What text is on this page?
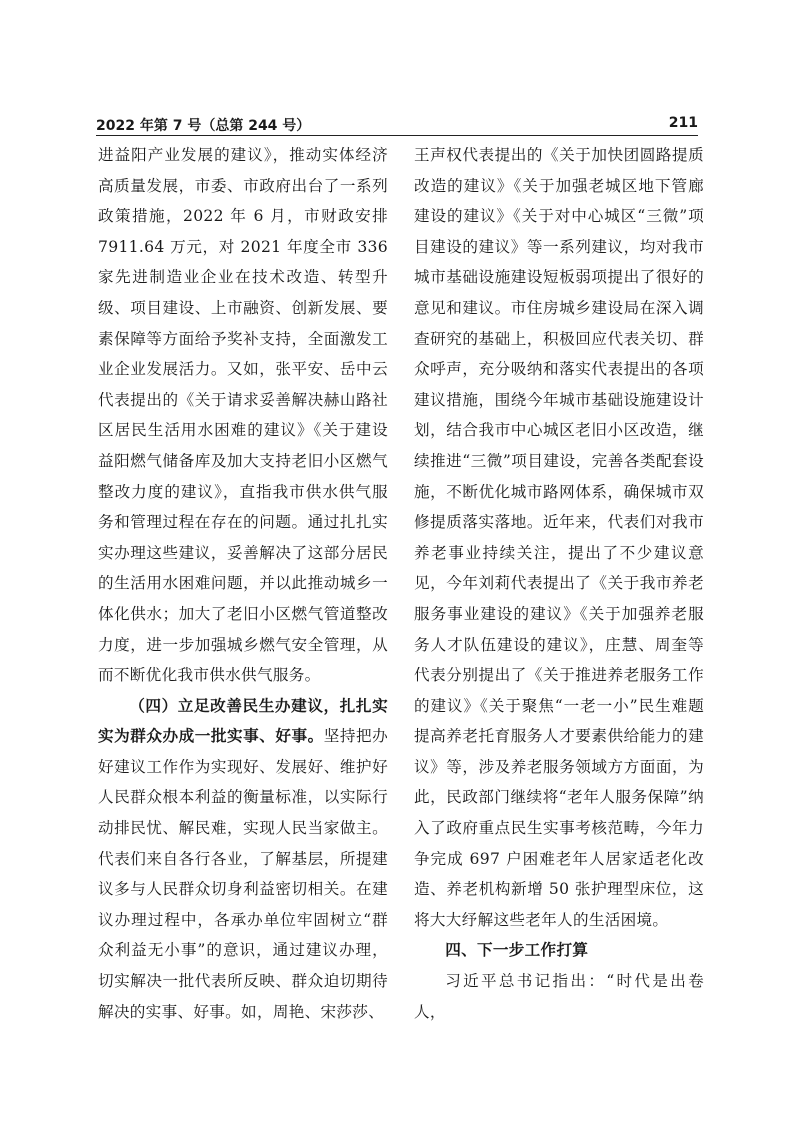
2022 年第 7 号（总第 244 号）	211

进益阳产业发展的建议》，推动实体经济高质量发展，市委、市政府出台了一系列政策措施，2022 年 6 月，市财政安排7911.64 万元，对 2021 年度全市 336 家先进制造业企业在技术改造、转型升级、项目建设、上市融资、创新发展、要素保障等方面给予奖补支持，全面激发工业企业发展活力。又如，张平安、岳中云代表提出的《关于请求妥善解决赫山路社区居民生活用水困难的建议》《关于建设益阳燃气储备库及加大支持老旧小区燃气整改力度的建议》，直指我市供水供气服务和管理过程在存在的问题。通过扎扎实实办理这些建议，妥善解决了这部分居民的生活用水困难问题，并以此推动城乡一体化供水；加大了老旧小区燃气管道整改力度，进一步加强城乡燃气安全管理，从而不断优化我市供水供气服务。

（四）立足改善民生办建议，扎扎实实为群众办成一批实事、好事。坚持把办好建议工作作为实现好、发展好、维护好人民群众根本利益的衡量标准，以实际行动排民忧、解民难，实现人民当家做主。代表们来自各行各业，了解基层，所提建议多与人民群众切身利益密切相关。在建议办理过程中，各承办单位牢固树立“群众利益无小事”的意识，通过建议办理，切实解决一批代表所反映、群众迫切期待解决的实事、好事。如，周艳、宋莎莎、

王声权代表提出的《关于加快团圆路提质改造的建议》《关于加强老城区地下管廊建设的建议》《关于对中心城区“三微”项目建设的建议》等一系列建议，均对我市城市基础设施建设短板弱项提出了很好的意见和建议。市住房城乡建设局在深入调查研究的基础上，积极回应代表关切、群众呼声，充分吸纳和落实代表提出的各项建议措施，围绕今年城市基础设施建设计划，结合我市中心城区老旧小区改造，继续推进“三微”项目建设，完善各类配套设施，不断优化城市路网体系，确保城市双修提质落实落地。近年来，代表们对我市养老事业持续关注，提出了不少建议意见，今年刘莉代表提出了《关于我市养老服务事业建设的建议》《关于加强养老服务人才队伍建设的建议》，庄慧、周奎等代表分别提出了《关于推进养老服务工作的建议》《关于聚焦“一老一小”民生难题提高养老托育服务人才要素供给能力的建议》等，涉及养老服务领域方方面面，为此，民政部门继续将“老年人服务保障”纳入了政府重点民生实事考核范畴，今年力争完成 697 户困难老年人居家适老化改造、养老机构新增 50 张护理型床位，这将大大纾解这些老年人的生活困境。

四、下一步工作打算

习近平总书记指出：“时代是出卷人，
